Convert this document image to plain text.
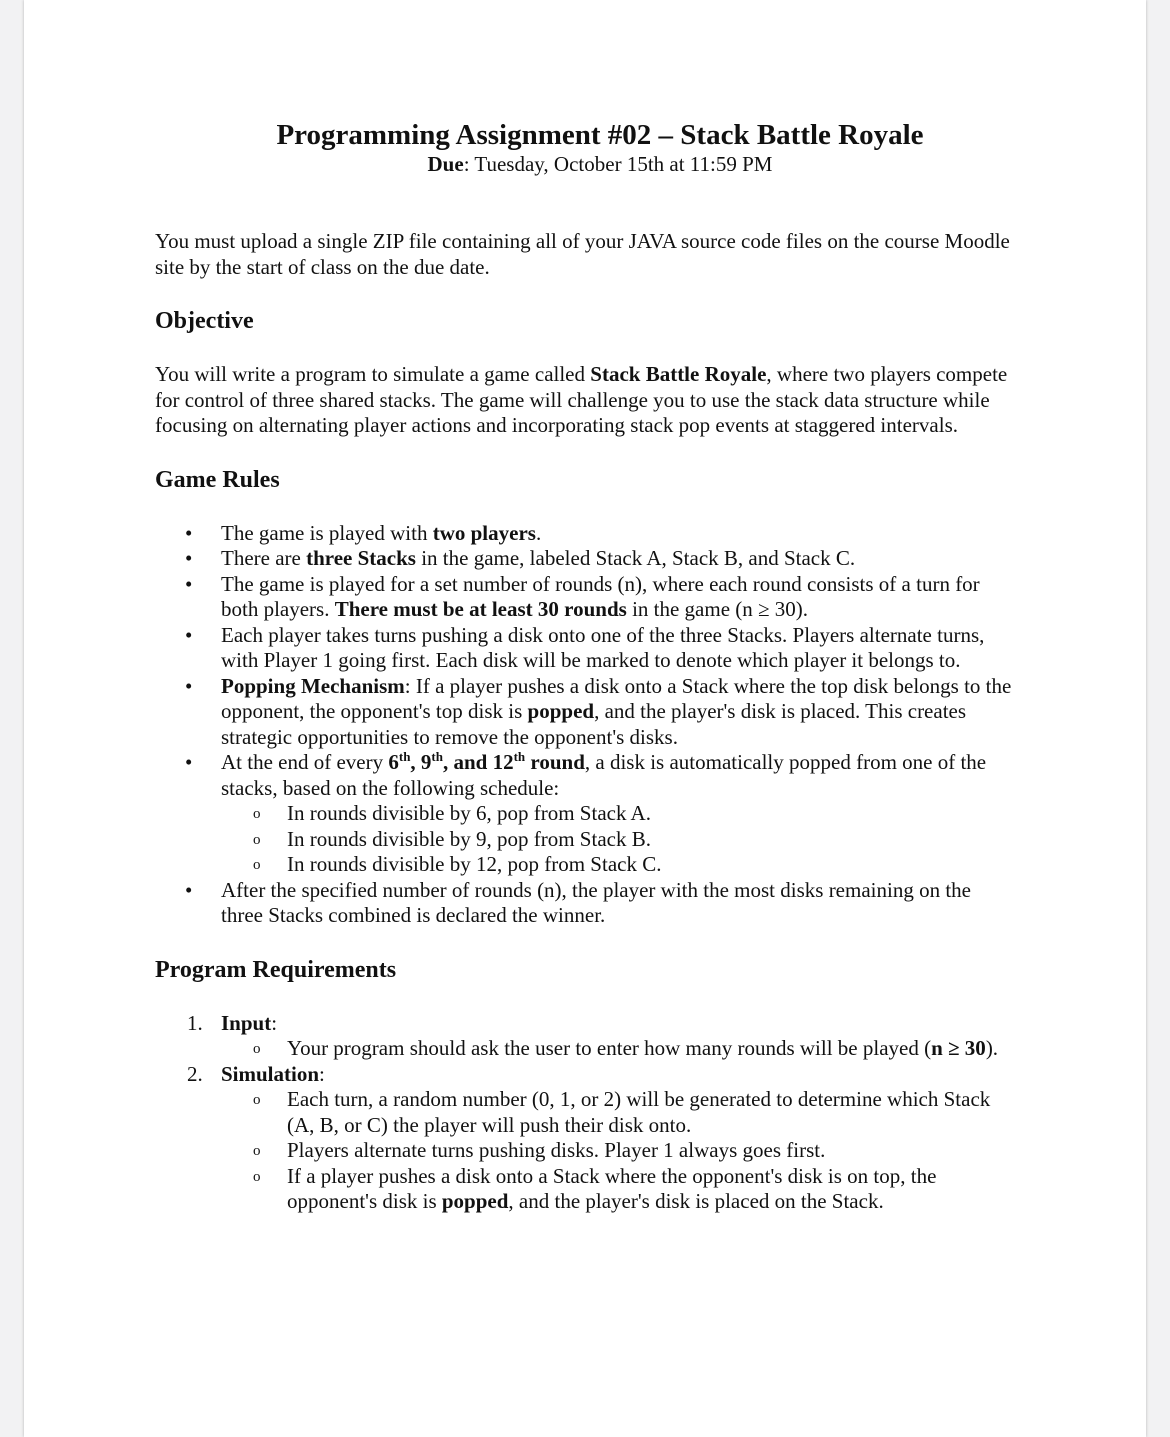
Programming Assignment #02 – Stack Battle Royale

Due: Tuesday, October 15th at 11:59 PM

You must upload a single ZIP file containing all of your JAVA source code files on the course Moodle site by the start of class on the due date.

Objective

You will write a program to simulate a game called Stack Battle Royale, where two players compete for control of three shared stacks. The game will challenge you to use the stack data structure while focusing on alternating player actions and incorporating stack pop events at staggered intervals.

Game Rules
• The game is played with two players.
• There are three Stacks in the game, labeled Stack A, Stack B, and Stack C.
• The game is played for a set number of rounds (n), where each round consists of a turn for both players. There must be at least 30 rounds in the game (n ≥ 30).
• Each player takes turns pushing a disk onto one of the three Stacks. Players alternate turns, with Player 1 going first. Each disk will be marked to denote which player it belongs to.
• Popping Mechanism: If a player pushes a disk onto a Stack where the top disk belongs to the opponent, the opponent's top disk is popped, and the player's disk is placed. This creates strategic opportunities to remove the opponent's disks.
• At the end of every 6th, 9th, and 12th round, a disk is automatically popped from one of the stacks, based on the following schedule:
o In rounds divisible by 6, pop from Stack A.
o In rounds divisible by 9, pop from Stack B.
o In rounds divisible by 12, pop from Stack C.
• After the specified number of rounds (n), the player with the most disks remaining on the three Stacks combined is declared the winner.
Program Requirements
1. Input:
o Your program should ask the user to enter how many rounds will be played (n ≥ 30).
2. Simulation:
o Each turn, a random number (0, 1, or 2) will be generated to determine which Stack (A, B, or C) the player will push their disk onto.
o Players alternate turns pushing disks. Player 1 always goes first.
o If a player pushes a disk onto a Stack where the opponent's disk is on top, the opponent's disk is popped, and the player's disk is placed on the Stack.
